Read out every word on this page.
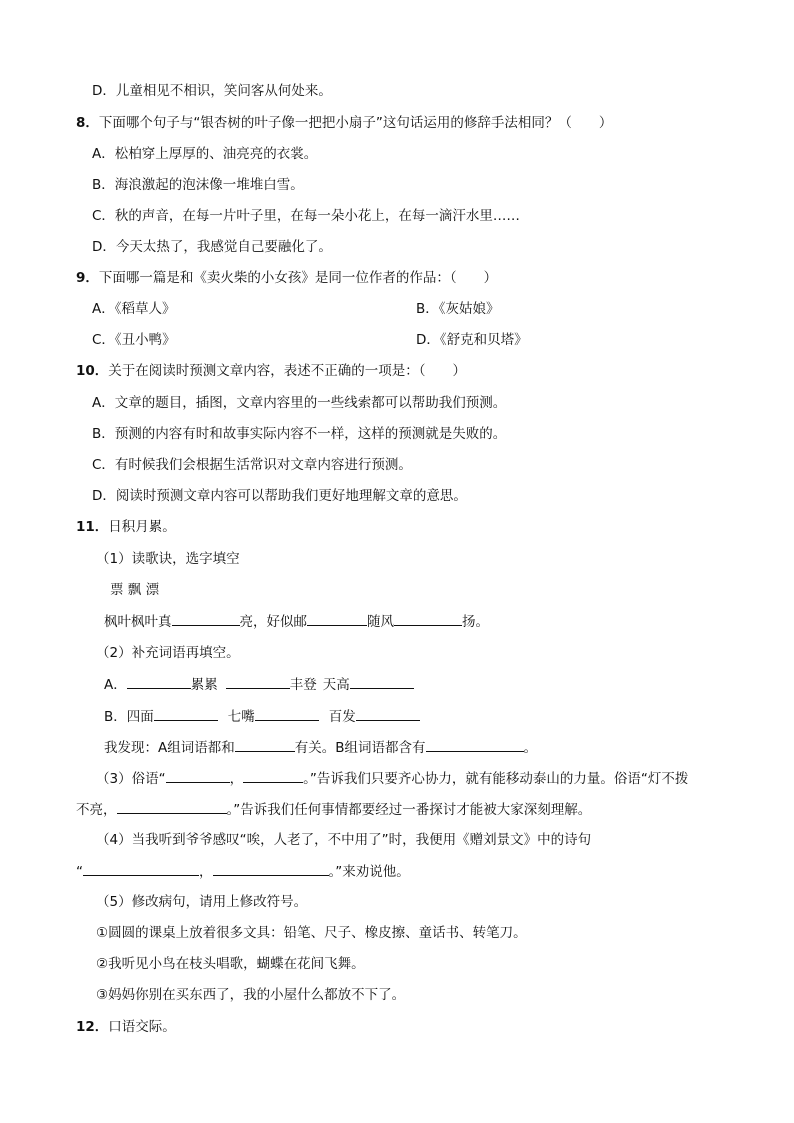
D．儿童相见不相识，笑问客从何处来。
8．下面哪个句子与“银杏树的叶子像一把把小扇子”这句话运用的修辞手法相同？（　　）
A．松柏穿上厚厚的、油亮亮的衣裳。
B．海浪激起的泡沫像一堆堆白雪。
C．秋的声音，在每一片叶子里，在每一朵小花上，在每一滴汗水里……
D．今天太热了，我感觉自己要融化了。
9．下面哪一篇是和《卖火柴的小女孩》是同一位作者的作品：（　　）
A．《稻草人》	B．《灰姑娘》
C．《丑小鸭》	D．《舒克和贝塔》
10．关于在阅读时预测文章内容，表述不正确的一项是：（　　）
A．文章的题目，插图，文章内容里的一些线索都可以帮助我们预测。
B．预测的内容有时和故事实际内容不一样，这样的预测就是失败的。
C．有时候我们会根据生活常识对文章内容进行预测。
D．阅读时预测文章内容可以帮助我们更好地理解文章的意思。
11．日积月累。
（1）读歌诀，选字填空
票 飘 漂
枫叶枫叶真	亮，好似邮	随风	扬。
（2）补充词语再填空。
A．	累累	丰登 天高
B．四面	七嘴	百发
我发现：A组词语都和	有关。B组词语都含有	。
（3）俗语“	，	。”告诉我们只要齐心协力，就有能移动泰山的力量。俗语“灯不拨
不亮，	。”告诉我们任何事情都要经过一番探讨才能被大家深刻理解。
（4）当我听到爷爷感叹“唉，人老了，不中用了”时，我便用《赠刘景文》中的诗句
“	，	。”来劝说他。
（5）修改病句，请用上修改符号。
①圆圆的课桌上放着很多文具：铅笔、尺子、橡皮擦、童话书、转笔刀。
②我听见小鸟在枝头唱歌，蝴蝶在花间飞舞。
③妈妈你别在买东西了，我的小屋什么都放不下了。
12．口语交际。
